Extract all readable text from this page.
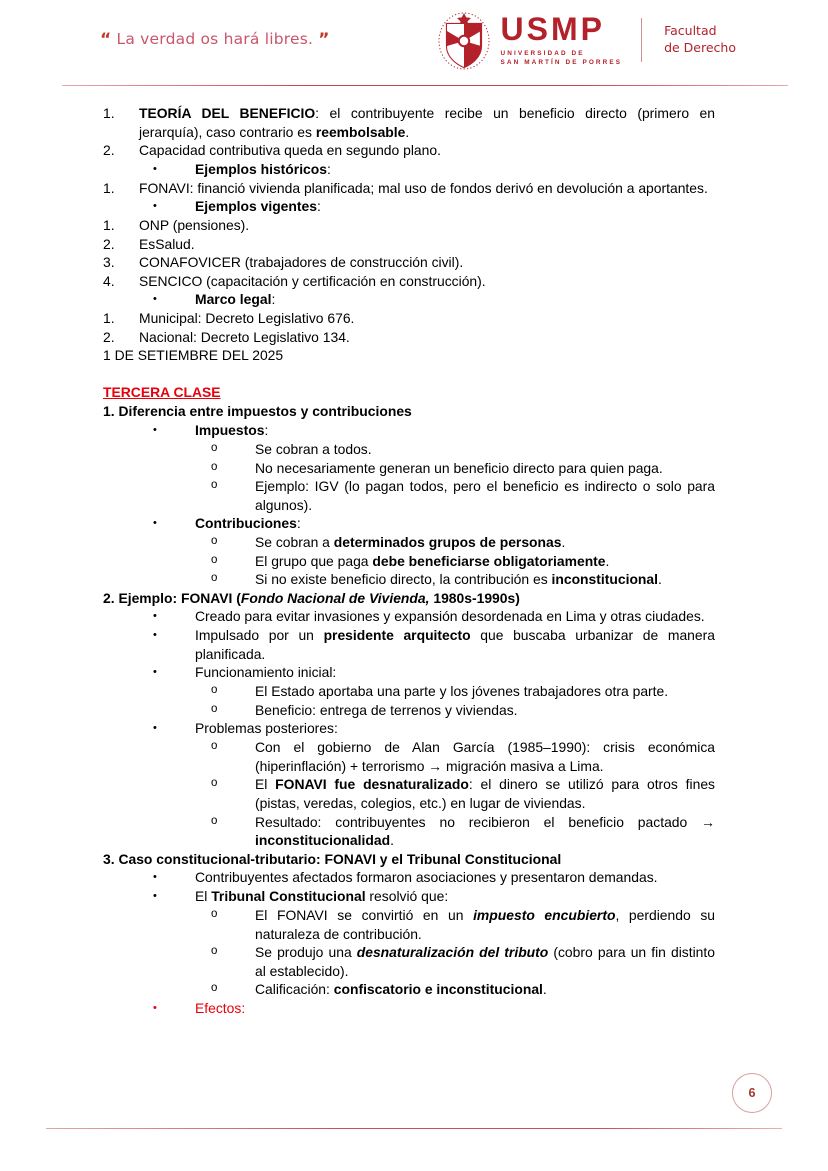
“ La verdad os hará libres. ”	USMP
UNIVERSIDAD DE
SAN MARTÍN DE PORRES
Facultad
de Derecho
1.	TEORÍA DEL BENEFICIO: el contribuyente recibe un beneficio directo (primero en jerarquía), caso contrario es reembolsable.
2.	Capacidad contributiva queda en segundo plano.
•	Ejemplos históricos:
1.	FONAVI: financió vivienda planificada; mal uso de fondos derivó en devolución a aportantes.
•	Ejemplos vigentes:
1.	ONP (pensiones).
2.	EsSalud.
3.	CONAFOVICER (trabajadores de construcción civil).
4.	SENCICO (capacitación y certificación en construcción).
•	Marco legal:
1.	Municipal: Decreto Legislativo 676.
2.	Nacional: Decreto Legislativo 134.
1 DE SETIEMBRE DEL 2025
TERCERA CLASE
1. Diferencia entre impuestos y contribuciones
•	Impuestos:
o	Se cobran a todos.
o	No necesariamente generan un beneficio directo para quien paga.
o	Ejemplo: IGV (lo pagan todos, pero el beneficio es indirecto o solo para algunos).
•	Contribuciones:
o	Se cobran a determinados grupos de personas.
o	El grupo que paga debe beneficiarse obligatoriamente.
o	Si no existe beneficio directo, la contribución es inconstitucional.
2. Ejemplo: FONAVI (Fondo Nacional de Vivienda, 1980s-1990s)
•	Creado para evitar invasiones y expansión desordenada en Lima y otras ciudades.
•	Impulsado por un presidente arquitecto que buscaba urbanizar de manera planificada.
•	Funcionamiento inicial:
o	El Estado aportaba una parte y los jóvenes trabajadores otra parte.
o	Beneficio: entrega de terrenos y viviendas.
•	Problemas posteriores:
o	Con el gobierno de Alan García (1985–1990): crisis económica (hiperinflación) + terrorismo → migración masiva a Lima.
o	El FONAVI fue desnaturalizado: el dinero se utilizó para otros fines (pistas, veredas, colegios, etc.) en lugar de viviendas.
o	Resultado: contribuyentes no recibieron el beneficio pactado → inconstitucionalidad.
3. Caso constitucional-tributario: FONAVI y el Tribunal Constitucional
•	Contribuyentes afectados formaron asociaciones y presentaron demandas.
•	El Tribunal Constitucional resolvió que:
o	El FONAVI se convirtió en un impuesto encubierto, perdiendo su naturaleza de contribución.
o	Se produjo una desnaturalización del tributo (cobro para un fin distinto al establecido).
o	Calificación: confiscatorio e inconstitucional.
•	Efectos:
6
